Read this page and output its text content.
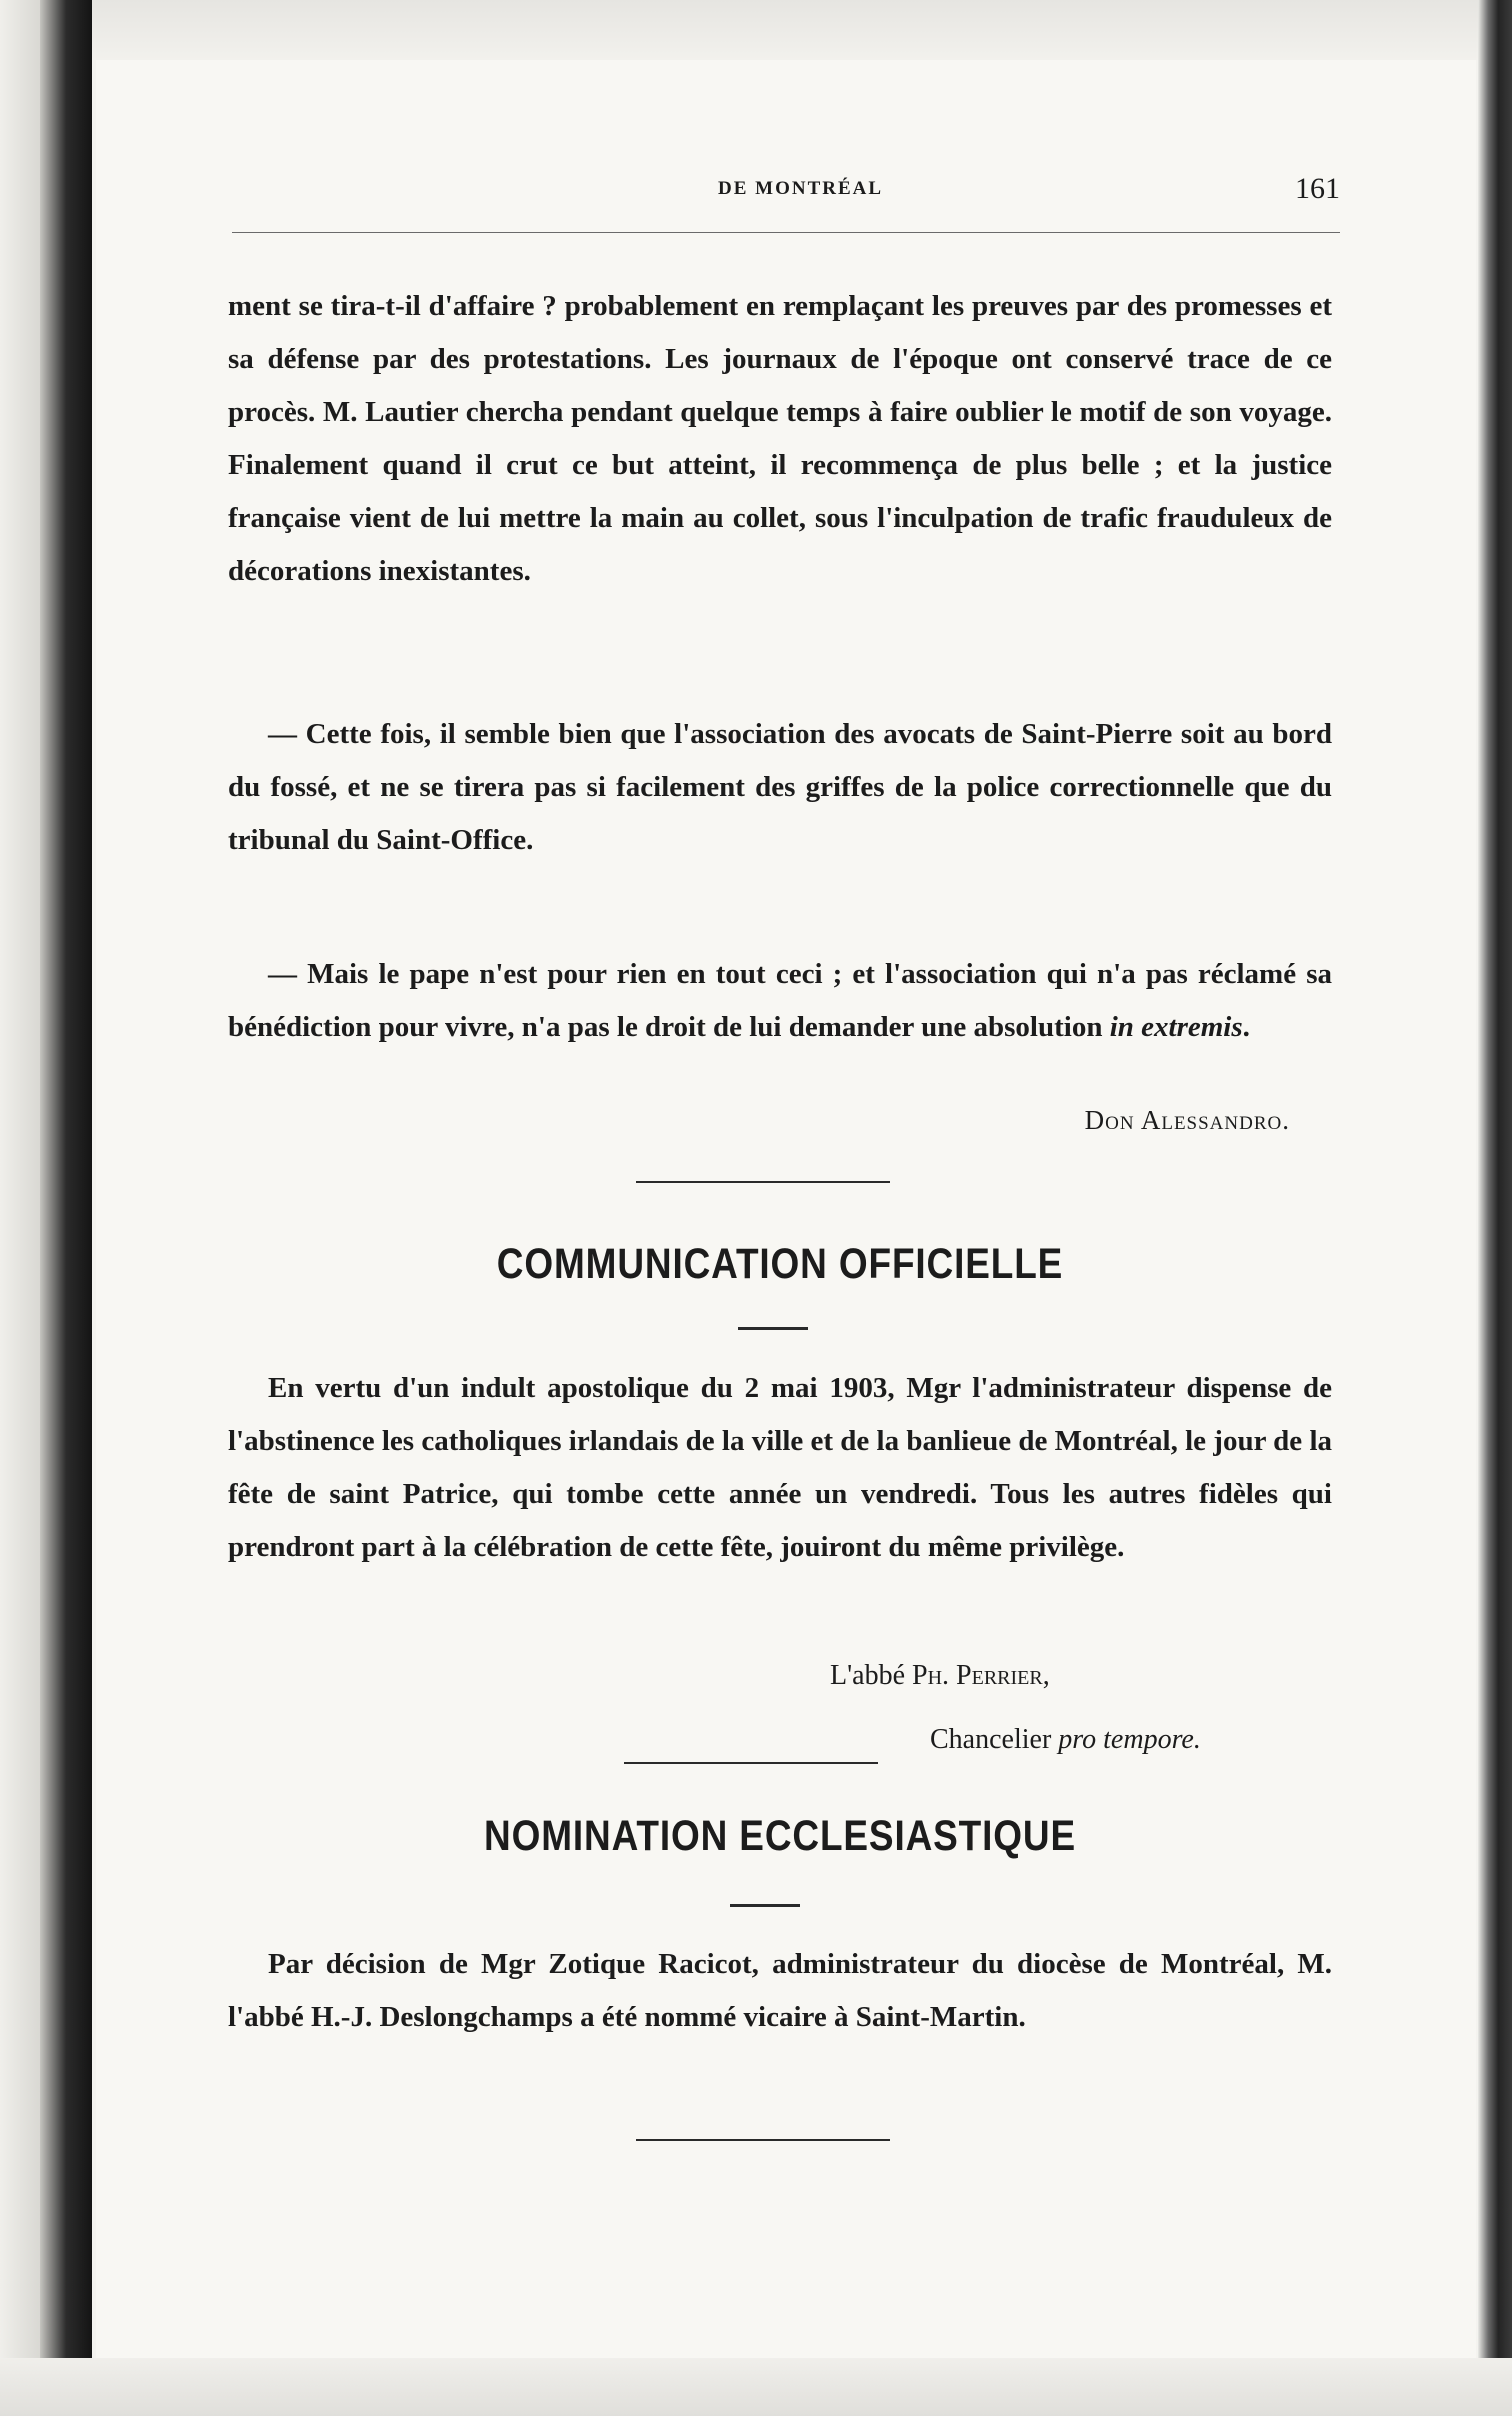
DE MONTRÉAL	161

ment se tira-t-il d'affaire ? probablement en remplaçant les preuves par des promesses et sa défense par des protestations. Les journaux de l'époque ont conservé trace de ce procès. M. Lautier chercha pendant quelque temps à faire oublier le motif de son voyage. Finalement quand il crut ce but atteint, il recommença de plus belle ; et la justice française vient de lui mettre la main au collet, sous l'inculpation de trafic frauduleux de décorations inexistantes.

— Cette fois, il semble bien que l'association des avocats de Saint-Pierre soit au bord du fossé, et ne se tirera pas si facilement des griffes de la police correctionnelle que du tribunal du Saint-Office.

— Mais le pape n'est pour rien en tout ceci ; et l'association qui n'a pas réclamé sa bénédiction pour vivre, n'a pas le droit de lui demander une absolution in extremis.

Don Alessandro.
COMMUNICATION OFFICIELLE

En vertu d'un indult apostolique du 2 mai 1903, Mgr l'administrateur dispense de l'abstinence les catholiques irlandais de la ville et de la banlieue de Montréal, le jour de la fête de saint Patrice, qui tombe cette année un vendredi. Tous les autres fidèles qui prendront part à la célébration de cette fête, jouiront du même privilège.

L'abbé Ph. Perrier,
Chancelier pro tempore.
NOMINATION ECCLESIASTIQUE

Par décision de Mgr Zotique Racicot, administrateur du diocèse de Montréal, M. l'abbé H.-J. Deslongchamps a été nommé vicaire à Saint-Martin.
